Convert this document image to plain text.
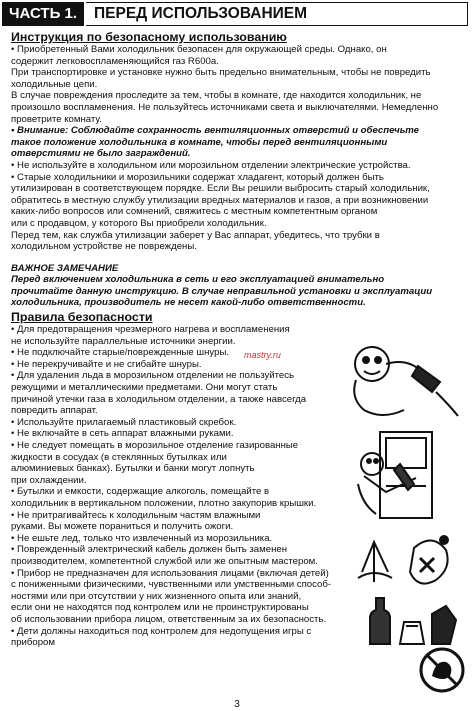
ЧАСТЬ 1.	ПЕРЕД ИСПОЛЬЗОВАНИЕМ

Инструкция по безопасному использованию

• Приобретенный Вами холодильник безопасен для окружающей среды. Однако, он

содержит легковоспламеняющийся газ R600a.

При транспортировке и установке нужно быть предельно внимательным, чтобы не повредить

холодильные цепи.

В случае повреждения проследите за тем, чтобы в комнате, где находится холодильник, не

произошло воспламенения. Не пользуйтесь источниками света и выключателями. Немедленно

проветрите комнату.

• Внимание: Соблюдайте сохранность вентиляционных отверстий и обеспечьте

такое положение холодильника в комнате, чтобы перед вентиляционными

отверстиями не было заграждений.

• Не используйте в холодильном или морозильном отделении электрические устройства.

• Старые холодильники и морозильники содержат хладагент, который должен быть

утилизирован в соответствующем порядке. Если Вы решили выбросить старый холодильник,

обратитесь в местную службу утилизации вредных материалов и газов, а при возникновении

каких-либо вопросов или сомнений, свяжитесь с местным компетентным органом

или с продавцом, у которого Вы приобрели холодильник.

Перед тем, как служба утилизации заберет у Вас аппарат, убедитесь, что трубки в

холодильном устройстве не повреждены.

ВАЖНОЕ ЗАМЕЧАНИЕ

Перед включением холодильника в сеть и его эксплуатацией внимательно

прочитайте данную инструкцию. В случае неправильной установки и эксплуатации

холодильника, производитель не несет какой-либо ответственности.

Правила безопасности

• Для предотвращения чрезмерного нагрева и воспламенения

не используйте параллельные источники энергии.

• Не подключайте старые/поврежденные шнуры.

• Не перекручивайте и не сгибайте шнуры.

• Для удаления льда в морозильном отделении не пользуйтесь

режущими и металлическими предметами. Они могут стать

причиной утечки газа в холодильном отделении, а также навсегда

повредить аппарат.

• Используйте прилагаемый пластиковый скребок.

• Не включайте в сеть аппарат влажными руками.

• Не следует помещать в морозильное отделение газированные

жидкости в сосудах (в стеклянных бутылках или

алюминиевых банках). Бутылки и банки могут лопнуть

при охлаждении.

• Бутылки и емкости, содержащие алкоголь, помещайте в

холодильник в вертикальном положении, плотно закупорив крышки.

• Не притрагивайтесь к холодильным частям влажными

руками. Вы можете пораниться и получить ожоги.

• Не ешьте лед, только что извлеченный из морозильника.

• Поврежденный электрический кабель должен быть заменен

производителем, компетентной службой или же опытным мастером.

• Прибор не предназначен для использования лицами (включая детей)

с пониженными физическими, чувственными или умственными способ-

ностями или при отсутствии у них жизненного опыта или знаний,

если они не находятся под контролем или не проинструктированы

об использовании прибора лицом, ответственным за их безопасность.

• Дети должны находиться под контролем для недопущения игры с прибором

mastry.ru
3
